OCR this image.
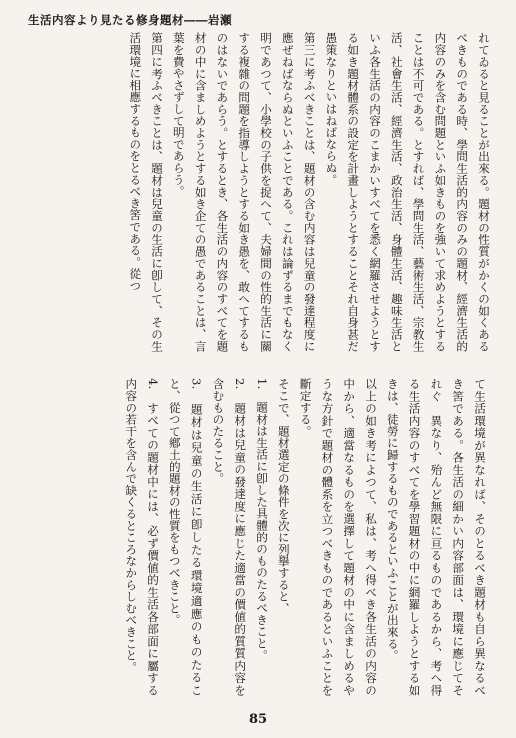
生活内容より見たる修身題材――岩瀬

れてゐると見ることが出來る。題材の性質がかくの如くあるべきものである時、學問生活的内容のみの題材、經濟生活的内容のみを含む問題といふ如きものを強いて求めようとすることは不可である。とすれば、學問生活、藝術生活、宗教生活、社會生活、經濟生活、政治生活、身體生活、趣味生活といふ各生活の内容のこまかいすべてを悉く網羅させようとする如き題材體系の設定を計畫しようとすることそれ自身甚だ愚策なりといはねばならぬ。

第三に考ふべきことは、題材の含む内容は兒童の發達程度に應ぜねばならぬといふことである。これは論ずるまでもなく明であつて、小學校の子供を捉へて、夫婦間の性的生活に關する複雜の問題を指導しようとする如き愚を、敢へてするものはないであらう。とするとき、各生活の内容のすべてを題材の中に含ましめようとする如き企ての愚であることは、言葉を費やさずして明であらう。

第四に考ふべきことは、題材は兒童の生活に卽して、その生活環境に相應するものをとるべき筈である。從つ

て生活環境が異なれば、そのとるべき題材も自ら異なるべき筈である。各生活の細かい内容部面は、環境に應じてそれぐ　異なり、殆んど無限に亘るものであるから、考へ得る生活内容のすべてを學習題材の中に網羅しようとする如きは、徒勞に歸するものであるといふことが出來る。

以上の如き考によつて、私は、考へ得べき各生活の内容の中から、適當なるものを選擇して題材の中に含ましめるやうな方針で題材の體系を立つべきものであるといふことを斷定する。

そこで、題材選定の條件を次に列擧すると、

1.　題材は生活に卽した具體的のものたるべきこと。

2.　題材は兒童の發達度に應じた適當の價値的質質内容を含むものたること。

3.　題材は兒童の生活に卽したる環境適應のものたること、從つて鄕土的題材の性質をもつべきこと。

4.　すべての題材中には、必ず價値的生活各部面に屬する内容の若干を含んで缺くるところなからしむべきこと。

85
